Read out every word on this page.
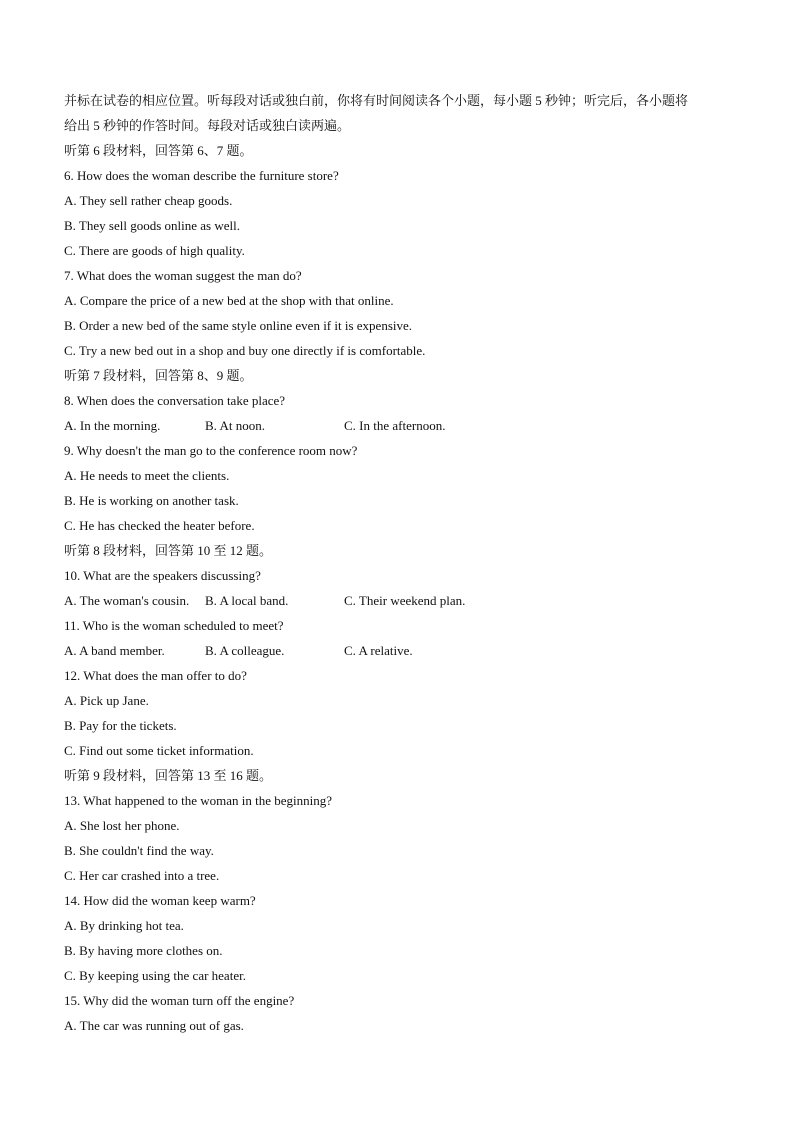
并标在试卷的相应位置。听每段对话或独白前，你将有时间阅读各个小题，每小题 5 秒钟；听完后，各小题将
给出 5 秒钟的作答时间。每段对话或独白读两遍。
听第 6 段材料，回答第 6、7 题。
6. How does the woman describe the furniture store?
A. They sell rather cheap goods.
B. They sell goods online as well.
C. There are goods of high quality.
7. What does the woman suggest the man do?
A. Compare the price of a new bed at the shop with that online.
B. Order a new bed of the same style online even if it is expensive.
C. Try a new bed out in a shop and buy one directly if is comfortable.
听第 7 段材料，回答第 8、9 题。
8. When does the conversation take place?
A. In the morning.	B. At noon.	C. In the afternoon.
9. Why doesn't the man go to the conference room now?
A. He needs to meet the clients.
B. He is working on another task.
C. He has checked the heater before.
听第 8 段材料，回答第 10 至 12 题。
10. What are the speakers discussing?
A. The woman's cousin. B. A local band.	C. Their weekend plan.
11. Who is the woman scheduled to meet?
A. A band member.	B. A colleague.	C. A relative.
12. What does the man offer to do?
A. Pick up Jane.
B. Pay for the tickets.
C. Find out some ticket information.
听第 9 段材料，回答第 13 至 16 题。
13. What happened to the woman in the beginning?
A. She lost her phone.
B. She couldn't find the way.
C. Her car crashed into a tree.
14. How did the woman keep warm?
A. By drinking hot tea.
B. By having more clothes on.
C. By keeping using the car heater.
15. Why did the woman turn off the engine?
A. The car was running out of gas.
